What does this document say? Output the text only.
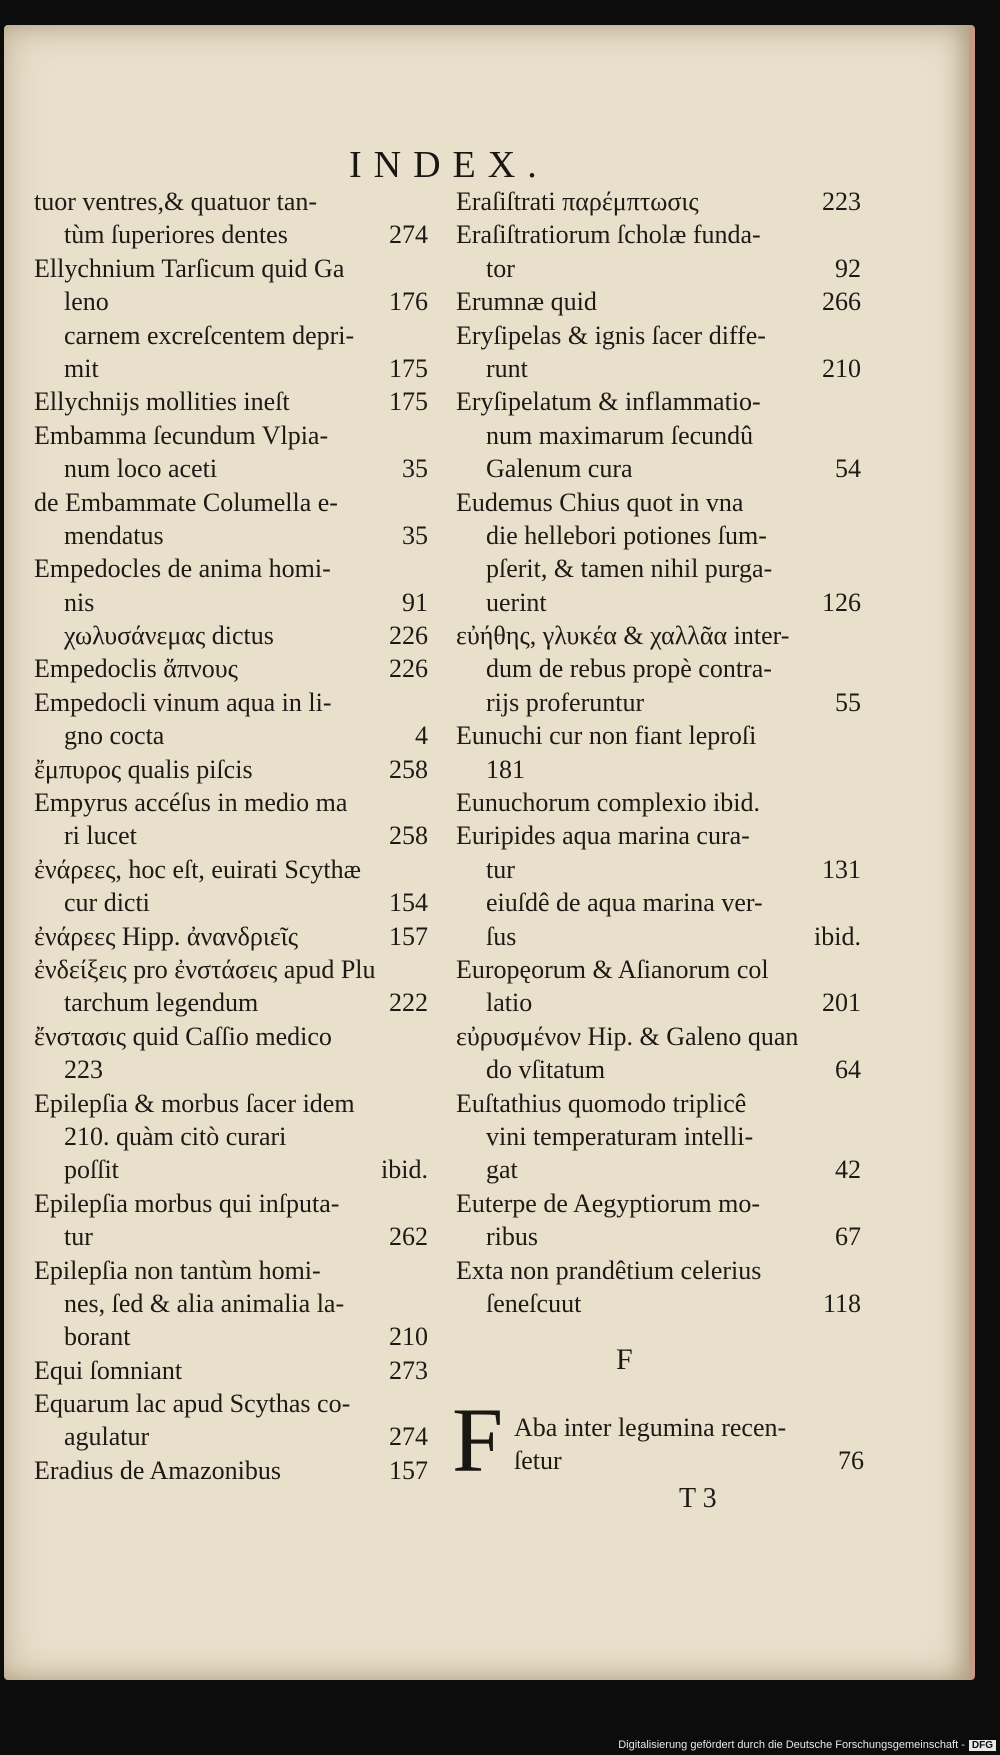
INDEX.
tuor ventres,& quatuor tan-
tùm ſuperiores dentes	274
Ellychnium Tarſicum quid Ga
leno	176
carnem excreſcentem depri-
mit	175
Ellychnijs mollities ineſt	175
Embamma ſecundum Vlpia-
num loco aceti	35
de Embammate Columella e-
mendatus	35
Empedocles de anima homi-
nis	91
χωλυσάνεμας dictus	226
Empedoclis ἄπνους	226
Empedocli vinum aqua in li-
gno cocta	4
ἔμπυρος qualis piſcis	258
Empyrus accéſus in medio ma
ri lucet	258
ἐνάρεες, hoc eſt, euirati Scythæ
cur dicti	154
ἐνάρεες Hipp. ἀνανδριεῖς	157
ἐνδείξεις pro ἐνστάσεις apud Plu
tarchum legendum	222
ἔνστασις quid Caſſio medico
223
Epilepſia & morbus ſacer idem
210. quàm citò curari
poſſit	ibid.
Epilepſia morbus qui inſputa-
tur	262
Epilepſia non tantùm homi-
nes, ſed & alia animalia la-
borant	210
Equi ſomniant	273
Equarum lac apud Scythas co-
agulatur	274
Eradius de Amazonibus	157
Eraſiſtrati παρέμπτωσις	223
Eraſiſtratiorum ſcholæ funda-
tor	92
Erumnæ quid	266
Eryſipelas & ignis ſacer diffe-
runt	210
Eryſipelatum & inflammatio-
num maximarum ſecundû
Galenum cura	54
Eudemus Chius quot in vna
die hellebori potiones ſum-
pſerit, & tamen nihil purga-
uerint	126
εὐήθης, γλυκέα & χαλλᾶα inter-
dum de rebus propè contra-
rijs proferuntur	55
Eunuchi cur non fiant leproſi
181
Eunuchorum complexio ibid.
Euripides aqua marina cura-
tur	131
eiuſdê de aqua marina ver-
ſus	ibid.
Europęorum & Aſianorum col
latio	201
εὐρυσμένον Hip. & Galeno quan
do vſitatum	64
Euſtathius quomodo triplicê
vini temperaturam intelli-
gat	42
Euterpe de Aegyptiorum mo-
ribus	67
Exta non prandêtium celerius
ſeneſcuut	118
F
F Aba inter legumina recen-
ſetur	76
T 3
Digitalisierung gefördert durch die Deutsche Forschungsgemeinschaft - DFG
